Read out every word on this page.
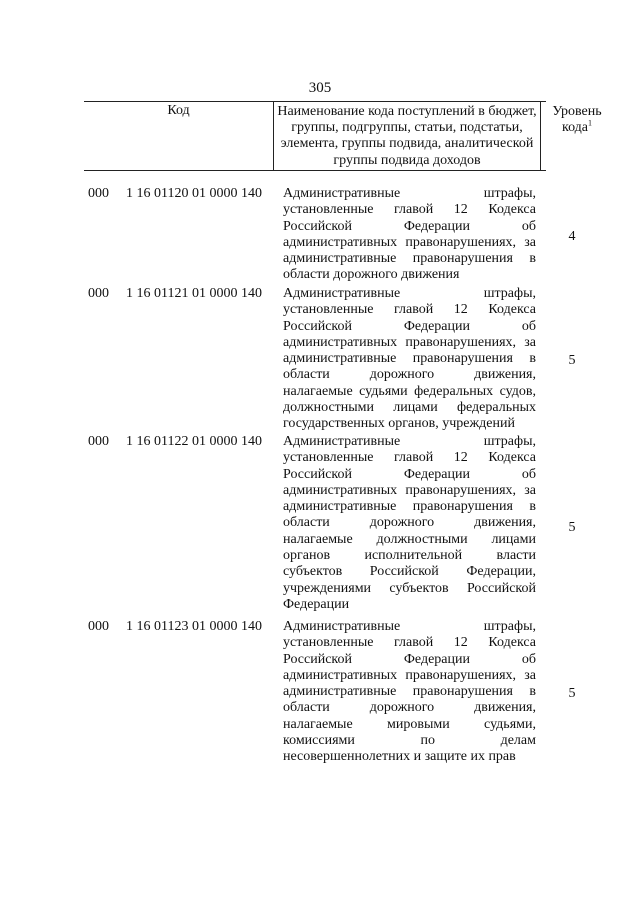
305
Код	Наименование кода поступлений в бюджет, группы, подгруппы, статьи, подстатьи, элемента, группы подвида, аналитической группы подвида доходов
Уровень кода$^1$
000 1 16 01120 01 0000 140 Административные штрафы, установленные главой 12 Кодекса Российской Федерации об административных правонарушениях, за административные правонарушения в области дорожного движения
4
000 1 16 01121 01 0000 140 Административные штрафы, установленные главой 12 Кодекса Российской Федерации об административных правонарушениях, за административные правонарушения в области дорожного движения, налагаемые судьями федеральных судов, должностными лицами федеральных государственных органов, учреждений
5
000 1 16 01122 01 0000 140 Административные штрафы, установленные главой 12 Кодекса Российской Федерации об административных правонарушениях, за административные правонарушения в области дорожного движения, налагаемые должностными лицами органов исполнительной власти субъектов Российской Федерации, учреждениями субъектов Российской Федерации
5
000 1 16 01123 01 0000 140 Административные штрафы, установленные главой 12 Кодекса Российской Федерации об административных правонарушениях, за административные правонарушения в области дорожного движения, налагаемые мировыми судьями, комиссиями по делам несовершеннолетних и защите их прав
5
